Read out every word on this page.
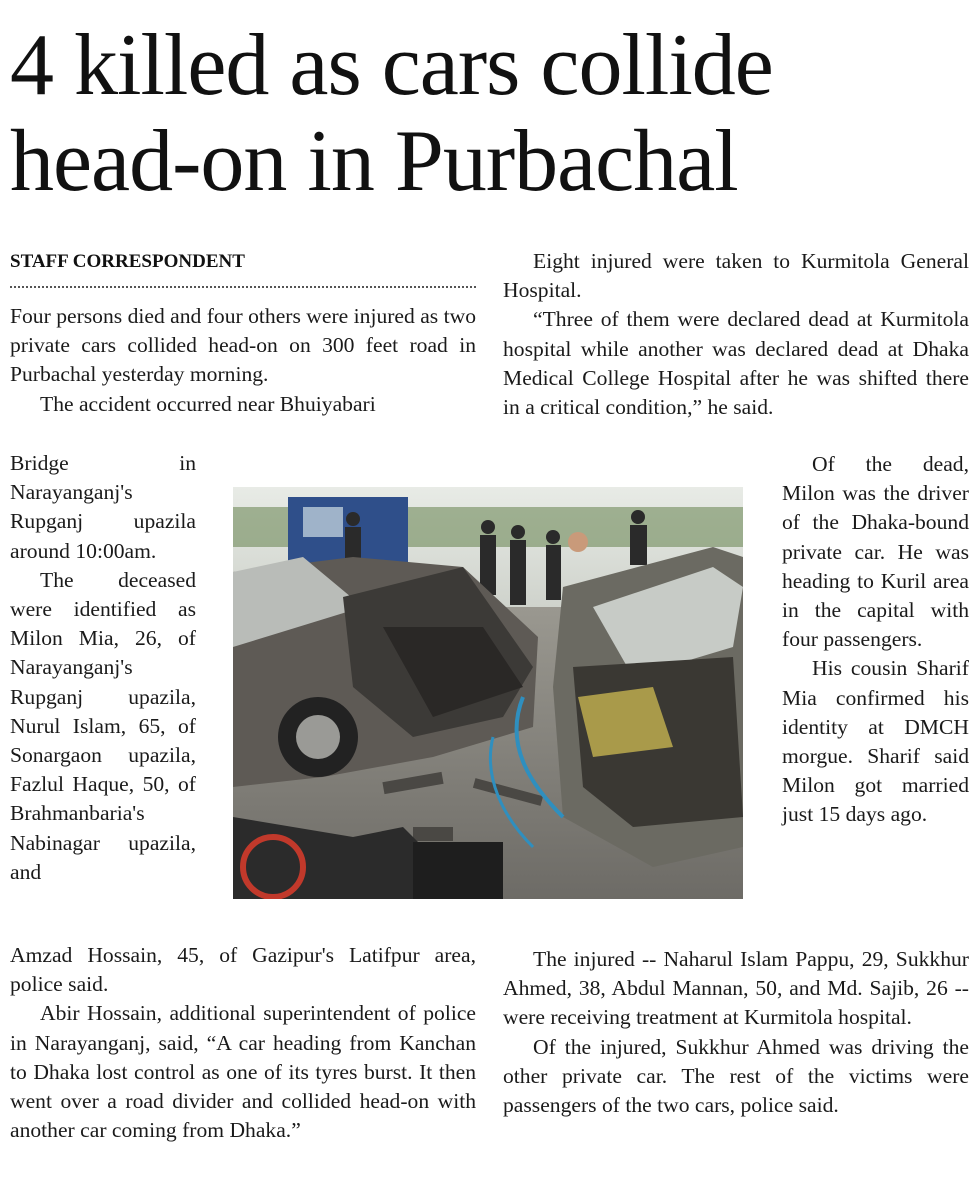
4 killed as cars collide
head-on in Purbachal
STAFF CORRESPONDENT

Four persons died and four others were injured as two private cars collided head-on on 300 feet road in Purbachal yesterday morning.

The accident occurred near Bhuiyabari

Bridge in Narayanganj's Rupganj upazila around 10:00am.

The deceased were identified as Milon Mia, 26, of Narayanganj's Rupganj upazila, Nurul Islam, 65, of Sonargaon upazila, Fazlul Haque, 50, of Brahmanbaria's Nabinagar upazila, and

Amzad Hossain, 45, of Gazipur's Latifpur area, police said.

Abir Hossain, additional superintendent of police in Narayanganj, said, “A car heading from Kanchan to Dhaka lost control as one of its tyres burst. It then went over a road divider and collided head-on with another car coming from Dhaka.”

Eight injured were taken to Kurmitola General Hospital.

“Three of them were declared dead at Kurmitola hospital while another was declared dead at Dhaka Medical College Hospital after he was shifted there in a critical condition,” he said.

Of the dead, Milon was the driver of the Dhaka-bound private car. He was heading to Kuril area in the capital with four passengers.

His cousin Sharif Mia confirmed his identity at DMCH morgue. Sharif said Milon got married just 15 days ago.

The injured -- Naharul Islam Pappu, 29, Sukkhur Ahmed, 38, Abdul Mannan, 50, and Md. Sajib, 26 -- were receiving treatment at Kurmitola hospital.

Of the injured, Sukkhur Ahmed was driving the other private car. The rest of the victims were passengers of the two cars, police said.
